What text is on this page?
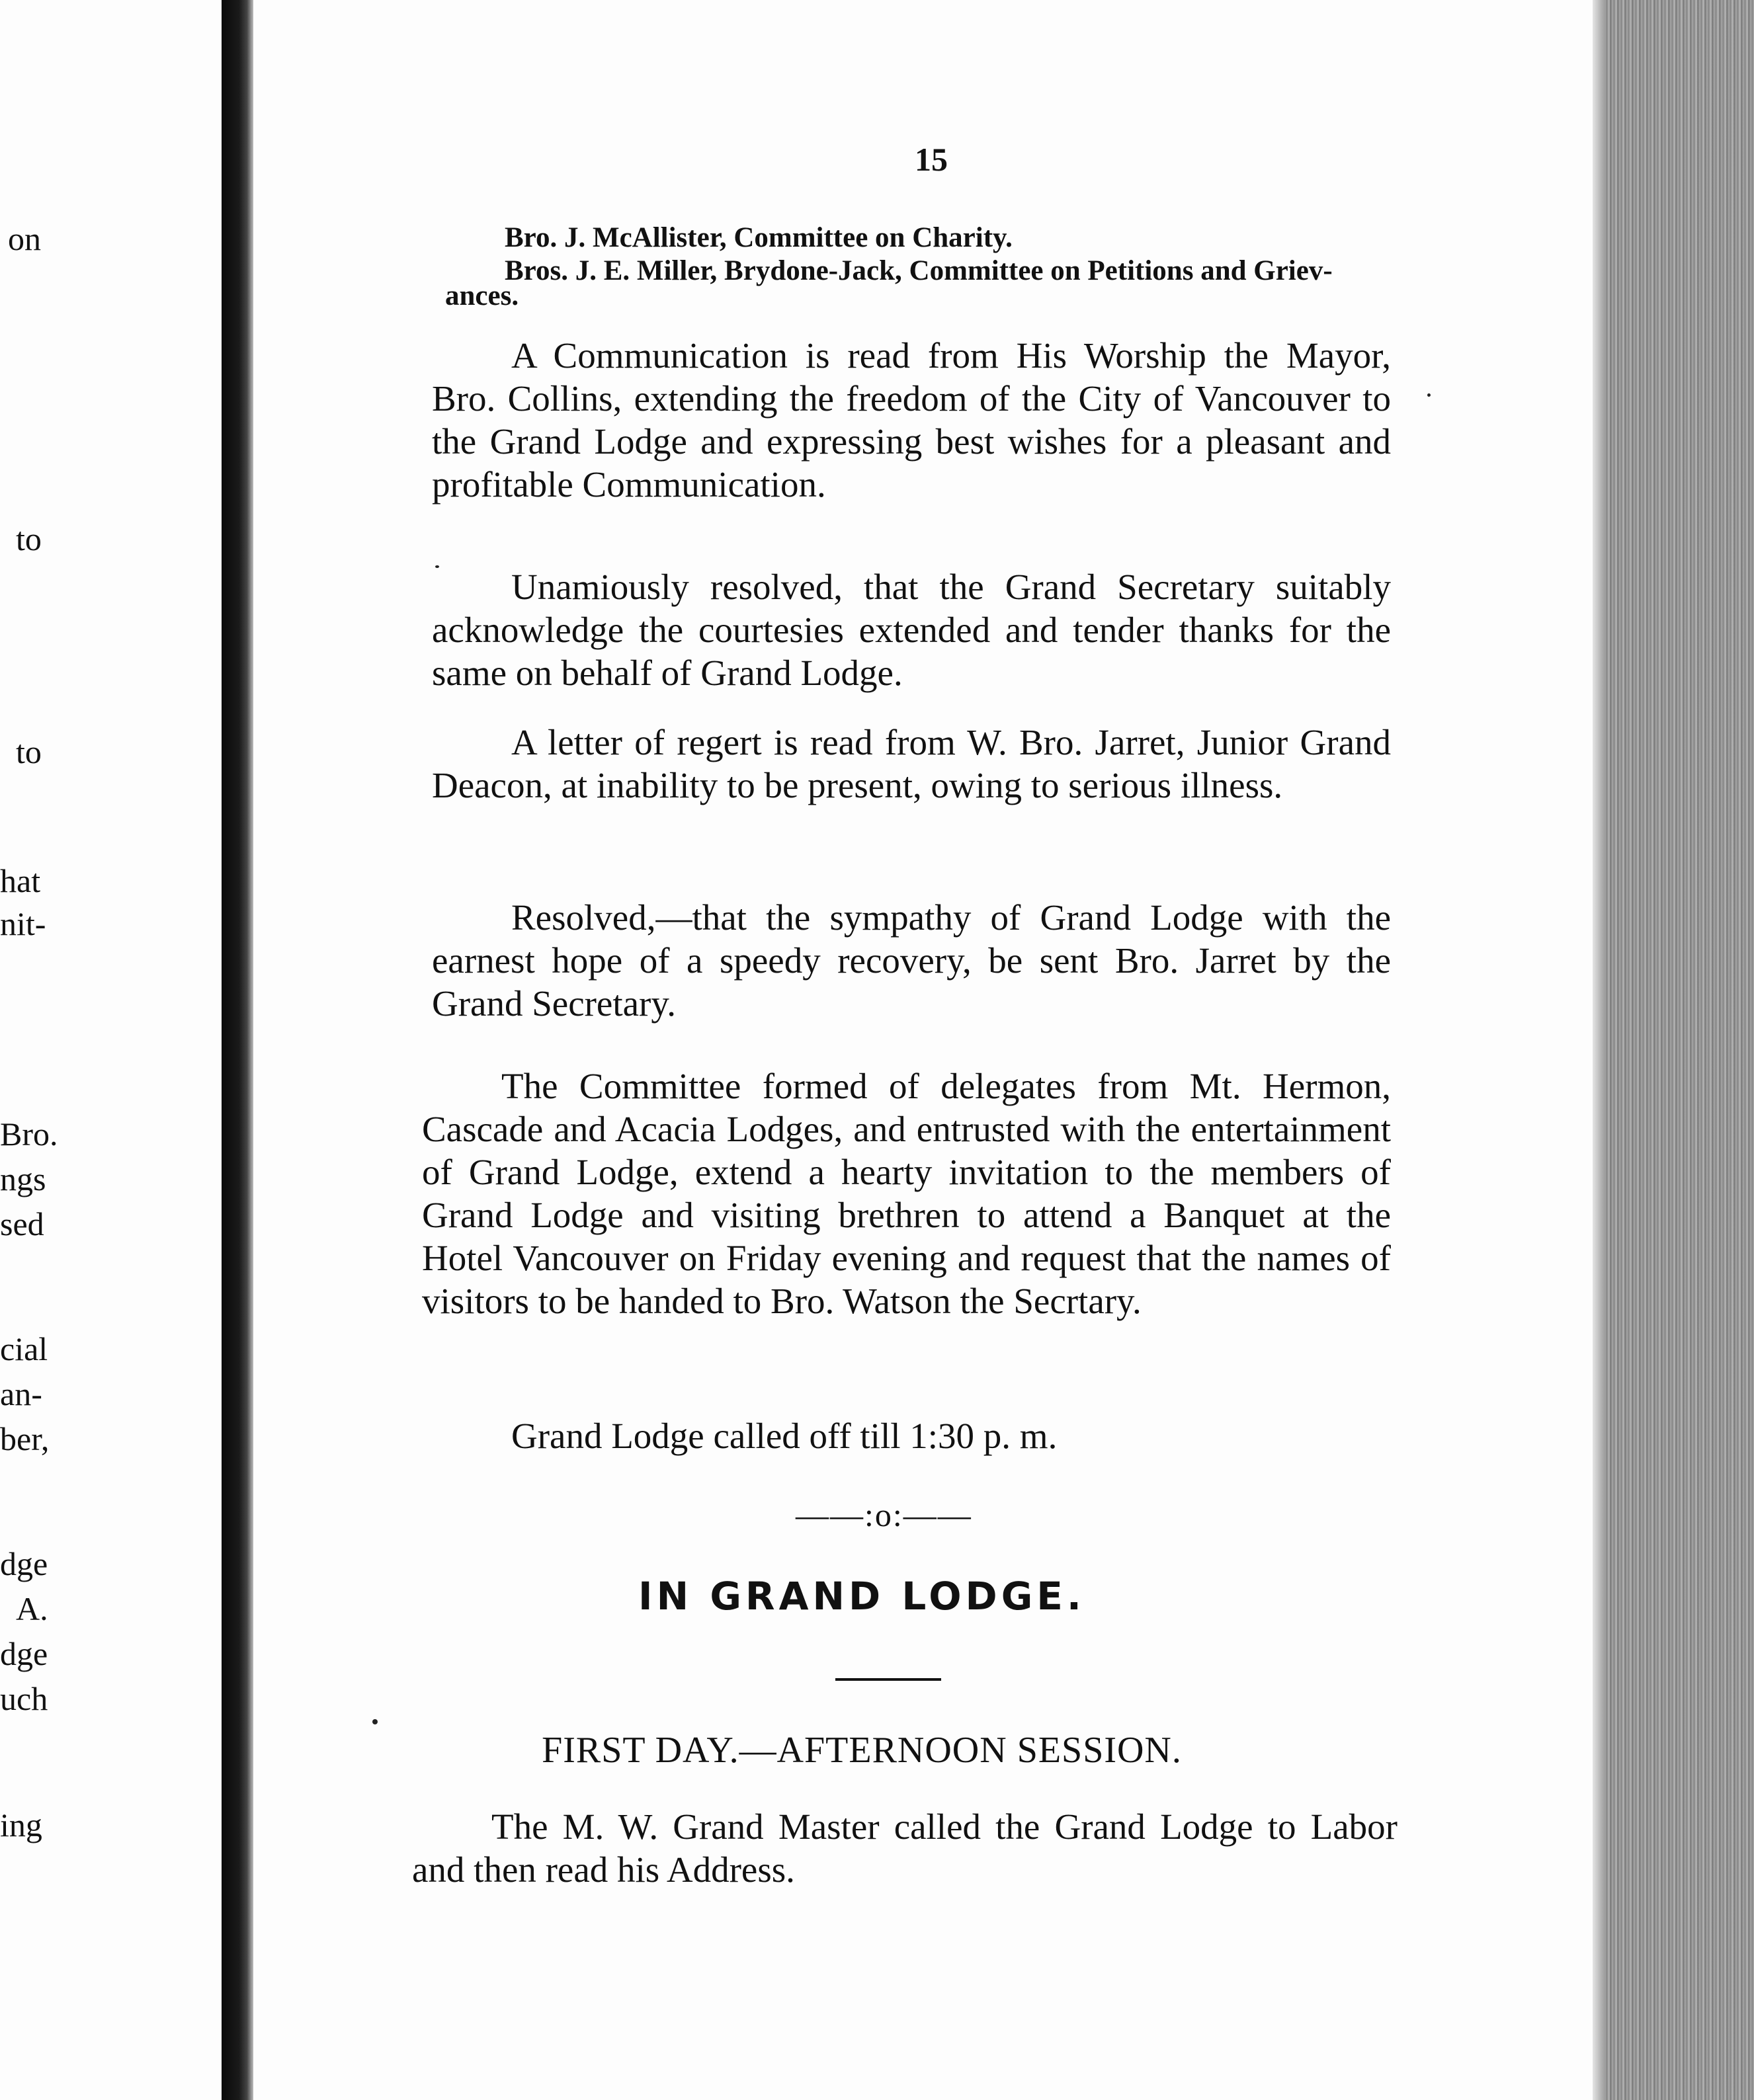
on
to
to
hat
nit-
Bro.
ngs
sed
cial
an-
ber,
dge
A.
dge
uch
ing
15
Bro. J. McAllister, Committee on Charity.
Bros. J. E. Miller, Brydone-Jack, Committee on Petitions and Griev-
ances.

A Communication is read from His Worship the Mayor, Bro. Collins, extending the freedom of the City of Vancouver to the Grand Lodge and expressing best wishes for a pleasant and profitable Communication.

Unamiously resolved, that the Grand Secretary suitably acknowledge the courtesies extended and tender thanks for the same on behalf of Grand Lodge.

A letter of regert is read from W. Bro. Jarret, Junior Grand Deacon, at inability to be present, owing to serious illness.

Resolved,—that the sympathy of Grand Lodge with the earnest hope of a speedy recovery, be sent Bro. Jarret by the Grand Secretary.

The Committee formed of delegates from Mt. Hermon, Cascade and Acacia Lodges, and entrusted with the entertainment of Grand Lodge, extend a hearty invitation to the members of Grand Lodge and visiting brethren to attend a Banquet at the Hotel Vancouver on Friday evening and request that the names of visitors to be handed to Bro. Watson the Secrtary.

Grand Lodge called off till 1:30 p. m.
——:o:——
IN GRAND LODGE.
FIRST DAY.—AFTERNOON SESSION.

The M. W. Grand Master called the Grand Lodge to Labor and then read his Address.
